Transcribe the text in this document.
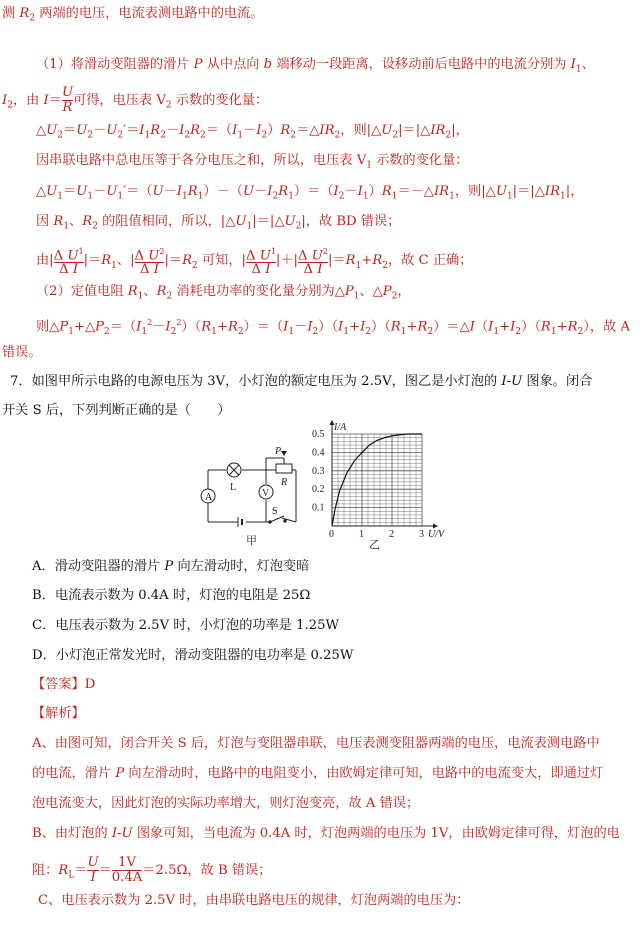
测 $R_2$ 两端的电压，电流表测电路中的电流。
（1）将滑动变阻器的滑片 P 从中点向 b 端移动一段距离，设移动前后电路中的电流分别为 $I_1$、
$I_2$，由 $I= \frac{U}{R}$ 可得，电压表 $V_2$ 示数的变化量：
$\triangle U_2=U_2-U_2'=I_1R_2-I_2R_2=(I_1-I_2)R_2=\triangle IR_2$，则$|\triangle U_2|=|\triangle IR_2|$，
因串联电路中总电压等于各分电压之和，所以，电压表 $V_1$ 示数的变化量：
$\triangle U_1=U_1-U_1'=(U-I_1R_1)-(U-I_2R_1)=(I_2-I_1)R_1=-\triangle IR_1$，则$|\triangle U_1|=|\triangle IR_1|$，
因 $R_1$、$R_2$ 的阻值相同，所以，$|\triangle U_1|=|\triangle U_2|$，故 BD 错误；
由| $\frac{\Delta U^1}{\text{Δ I}} |=R_1$、| $\frac{\Delta U^2}{\text{Δ I}} |=R_2$ 可知，| $\frac{\Delta U^1}{\text{Δ I}}$ |＋| $\frac{\Delta U^2}{\text{Δ I}} |=R_1+R_2$，故 C 正确；
（2）定值电阻 $R_1$、$R_2$ 消耗电功率的变化量分别为$\triangle P_1$、$\triangle P_2$，
则$\triangle P_1+\triangle P_2=(I_1^2-I_2^2)(R_1+R_2)=(I_1-I_2)(I_1+I_2)(R_1+R_2)=\triangle I(I_1+I_2)(R_1+R_2)$，故 A
错误。
7．如图甲所示电路的电源电压为 3V，小灯泡的额定电压为 2.5V，图乙是小灯泡的 I-U 图象。闭合
开关 S 后，下列判断正确的是（　　）
A	V
L
P
R
S
甲
0	1	2	3
0.1
0.2
0.3
0.4
0.5
I/A
U/V
乙
A．滑动变阻器的滑片 P 向左滑动时，灯泡变暗
B．电流表示数为 0.4A 时，灯泡的电阻是 25Ω
C．电压表示数为 2.5V 时，小灯泡的功率是 1.25W
D．小灯泡正常发光时，滑动变阻器的电功率是 0.25W
【答案】D
【解析】
A、由图可知，闭合开关 S 后，灯泡与变阻器串联，电压表测变阻器两端的电压，电流表测电路中
的电流，滑片 P 向左滑动时，电路中的电阻变小，由欧姆定律可知，电路中的电流变大，即通过灯
泡电流变大，因此灯泡的实际功率增大，则灯泡变亮，故 A 错误；
B、由灯泡的 I-U 图象可知，当电流为 0.4A 时，灯泡两端的电压为 1V，由欧姆定律可得，灯泡的电
阻：$R_L= \frac{U}{I} = \frac{1V}{0.4A} =2.5\Omega$，故 B 错误；
C、电压表示数为 2.5V 时，由串联电路电压的规律，灯泡两端的电压为：
